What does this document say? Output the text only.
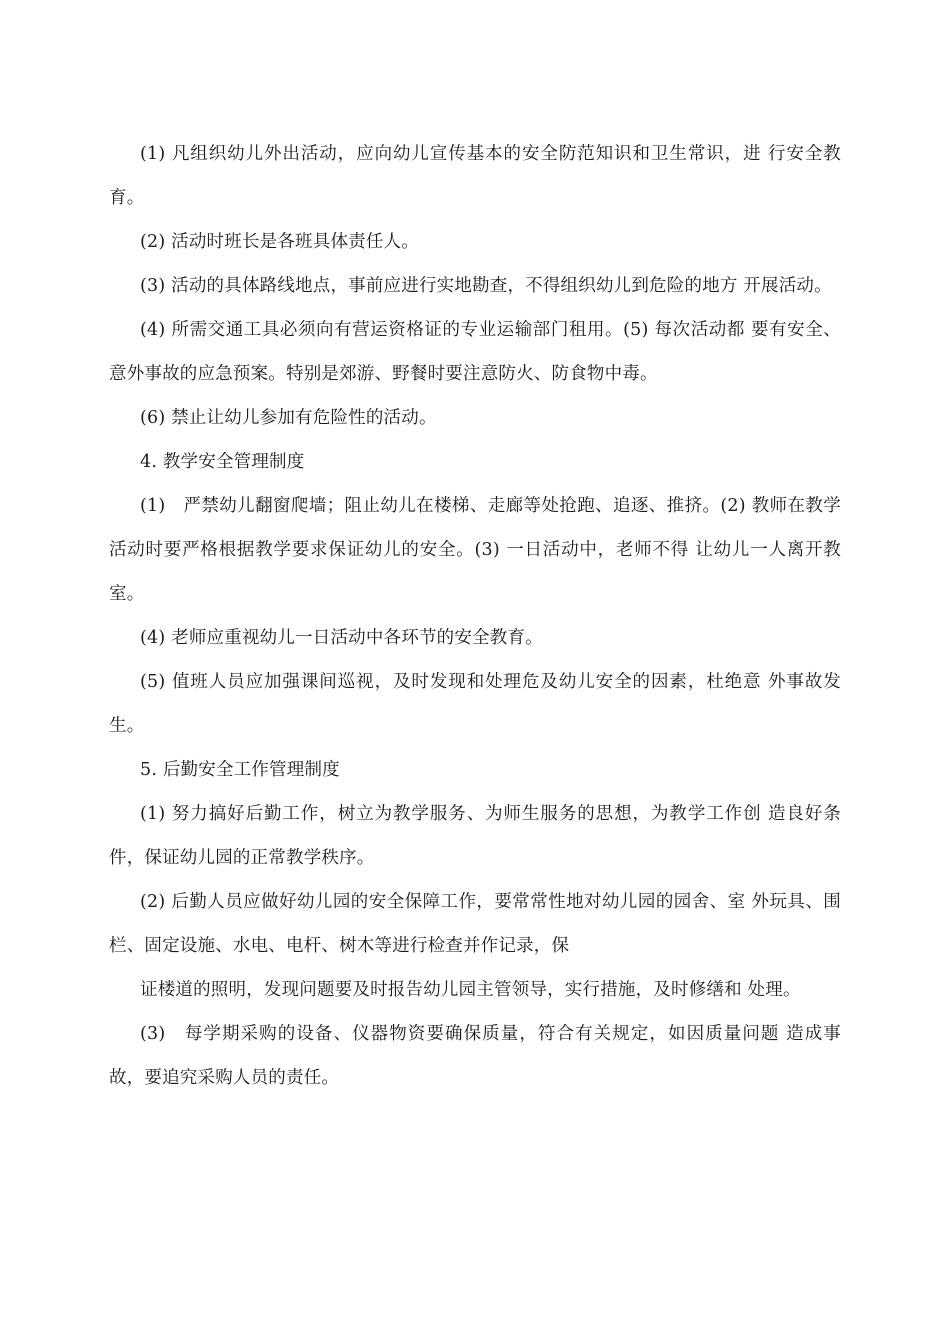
(1) 凡组织幼儿外出活动，应向幼儿宣传基本的安全防范知识和卫生常识，进 行安全教育。

(2) 活动时班长是各班具体责任人。

(3) 活动的具体路线地点，事前应进行实地勘查，不得组织幼儿到危险的地方 开展活动。

(4) 所需交通工具必须向有营运资格证的专业运输部门租用。(5) 每次活动都 要有安全、意外事故的应急预案。特别是郊游、野餐时要注意防火、防食物中毒。

(6) 禁止让幼儿参加有危险性的活动。

4. 教学安全管理制度

(1)　严禁幼儿翻窗爬墙；阻止幼儿在楼梯、走廊等处抢跑、追逐、推挤。(2) 教师在教学活动时要严格根据教学要求保证幼儿的安全。(3) 一日活动中，老师不得 让幼儿一人离开教室。

(4) 老师应重视幼儿一日活动中各环节的安全教育。

(5) 值班人员应加强课间巡视，及时发现和处理危及幼儿安全的因素，杜绝意 外事故发生。

5. 后勤安全工作管理制度

(1) 努力搞好后勤工作，树立为教学服务、为师生服务的思想，为教学工作创 造良好条件，保证幼儿园的正常教学秩序。

(2) 后勤人员应做好幼儿园的安全保障工作，要常常性地对幼儿园的园舍、室 外玩具、围栏、固定设施、水电、电杆、树木等进行检查并作记录，保

证楼道的照明，发现问题要及时报告幼儿园主管领导，实行措施，及时修缮和 处理。

(3)　每学期采购的设备、仪器物资要确保质量，符合有关规定，如因质量问题 造成事故，要追究采购人员的责任。
